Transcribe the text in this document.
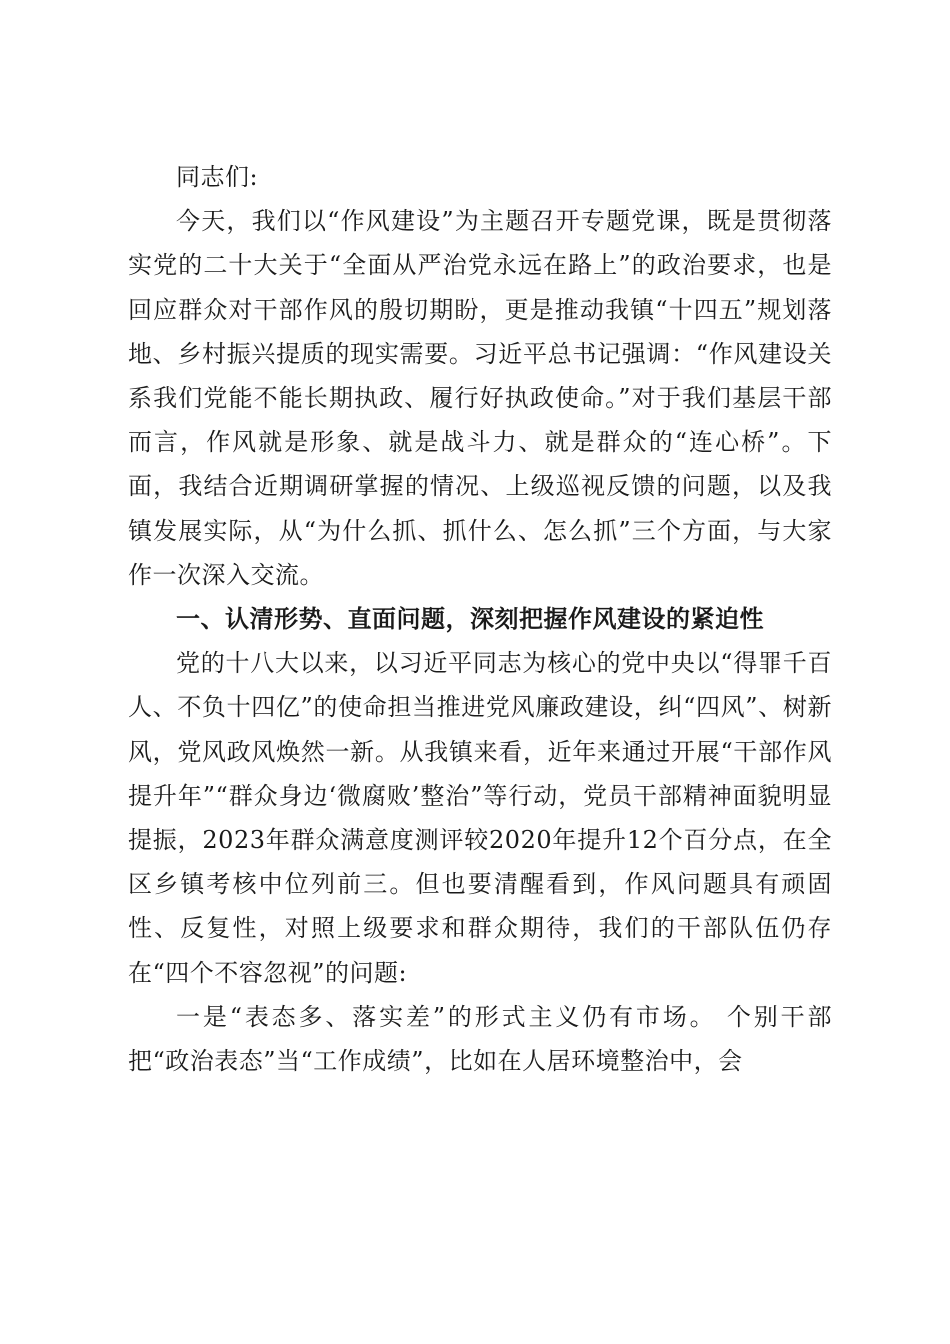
同志们:

今天，我们以“作风建设”为主题召开专题党课，既是贯彻落实党的二十大关于“全面从严治党永远在路上”的政治要求，也是回应群众对干部作风的殷切期盼，更是推动我镇“十四五”规划落地、乡村振兴提质的现实需要。习近平总书记强调：“作风建设关系我们党能不能长期执政、履行好执政使命。”对于我们基层干部而言，作风就是形象、就是战斗力、就是群众的“连心桥”。下面，我结合近期调研掌握的情况、上级巡视反馈的问题，以及我镇发展实际，从“为什么抓、抓什么、怎么抓”三个方面，与大家作一次深入交流。

一、认清形势、直面问题，深刻把握作风建设的紧迫性

党的十八大以来，以习近平同志为核心的党中央以“得罪千百人、不负十四亿”的使命担当推进党风廉政建设，纠“四风”、树新风，党风政风焕然一新。从我镇来看，近年来通过开展“干部作风提升年”“群众身边‘微腐败’整治”等行动，党员干部精神面貌明显提振，2023年群众满意度测评较2020年提升12个百分点，在全区乡镇考核中位列前三。但也要清醒看到，作风问题具有顽固性、反复性，对照上级要求和群众期待，我们的干部队伍仍存在“四个不容忽视”的问题:

一是“表态多、落实差”的形式主义仍有市场。 个别干部把“政治表态”当“工作成绩”，比如在人居环境整治中，会
